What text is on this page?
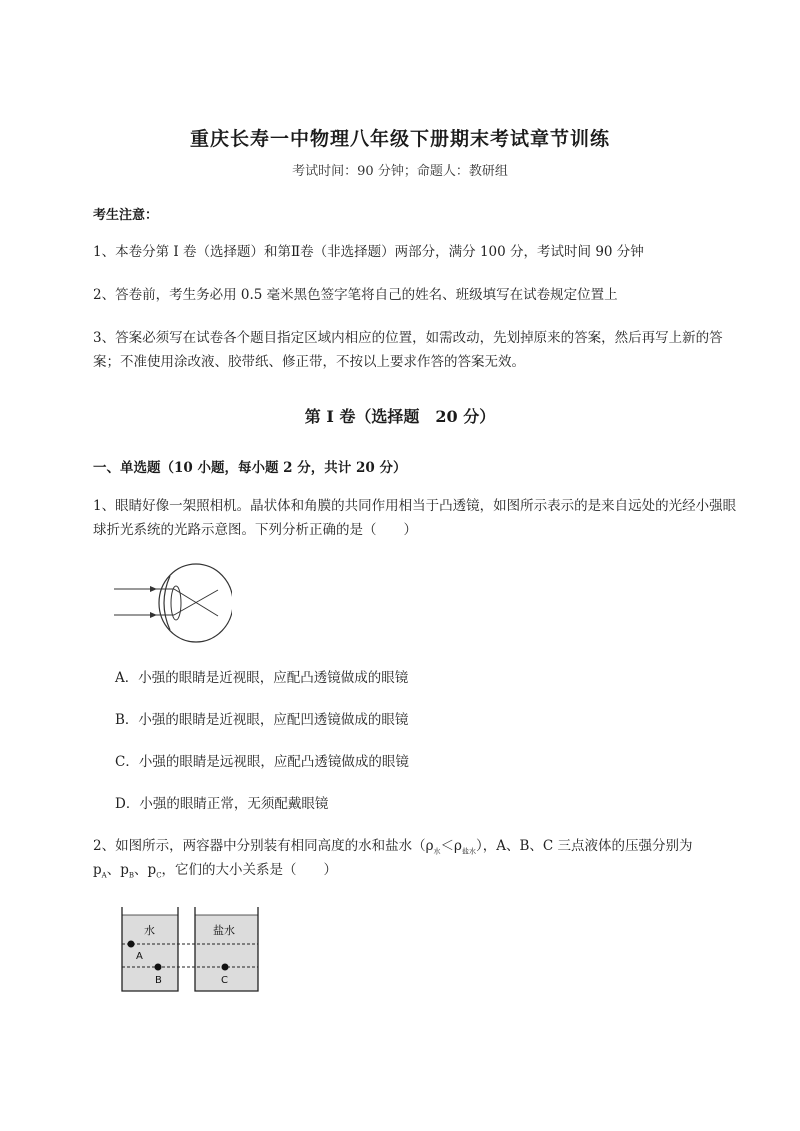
重庆长寿一中物理八年级下册期末考试章节训练
考试时间：90 分钟；命题人：教研组
考生注意：
1、本卷分第 I 卷（选择题）和第Ⅱ卷（非选择题）两部分，满分 100 分，考试时间 90 分钟
2、答卷前，考生务必用 0.5 毫米黑色签字笔将自己的姓名、班级填写在试卷规定位置上
3、答案必须写在试卷各个题目指定区域内相应的位置，如需改动，先划掉原来的答案，然后再写上新的答案；不准使用涂改液、胶带纸、修正带，不按以上要求作答的答案无效。
第 I 卷（选择题　20 分）
一、单选题（10 小题，每小题 2 分，共计 20 分）
1、眼睛好像一架照相机。晶状体和角膜的共同作用相当于凸透镜，如图所示表示的是来自远处的光经小强眼球折光系统的光路示意图。下列分析正确的是（　　）
A．小强的眼睛是近视眼，应配凸透镜做成的眼镜
B．小强的眼睛是近视眼，应配凹透镜做成的眼镜
C．小强的眼睛是远视眼，应配凸透镜做成的眼镜
D．小强的眼睛正常，无须配戴眼镜
2、如图所示，两容器中分别装有相同高度的水和盐水$(\rho_水<\rho_{盐水})$，A、B、C 三点液体的压强分别为
$p_A$、$p_B$、$p_C$，它们的大小关系是（　　）
水	盐水
A
B	C
